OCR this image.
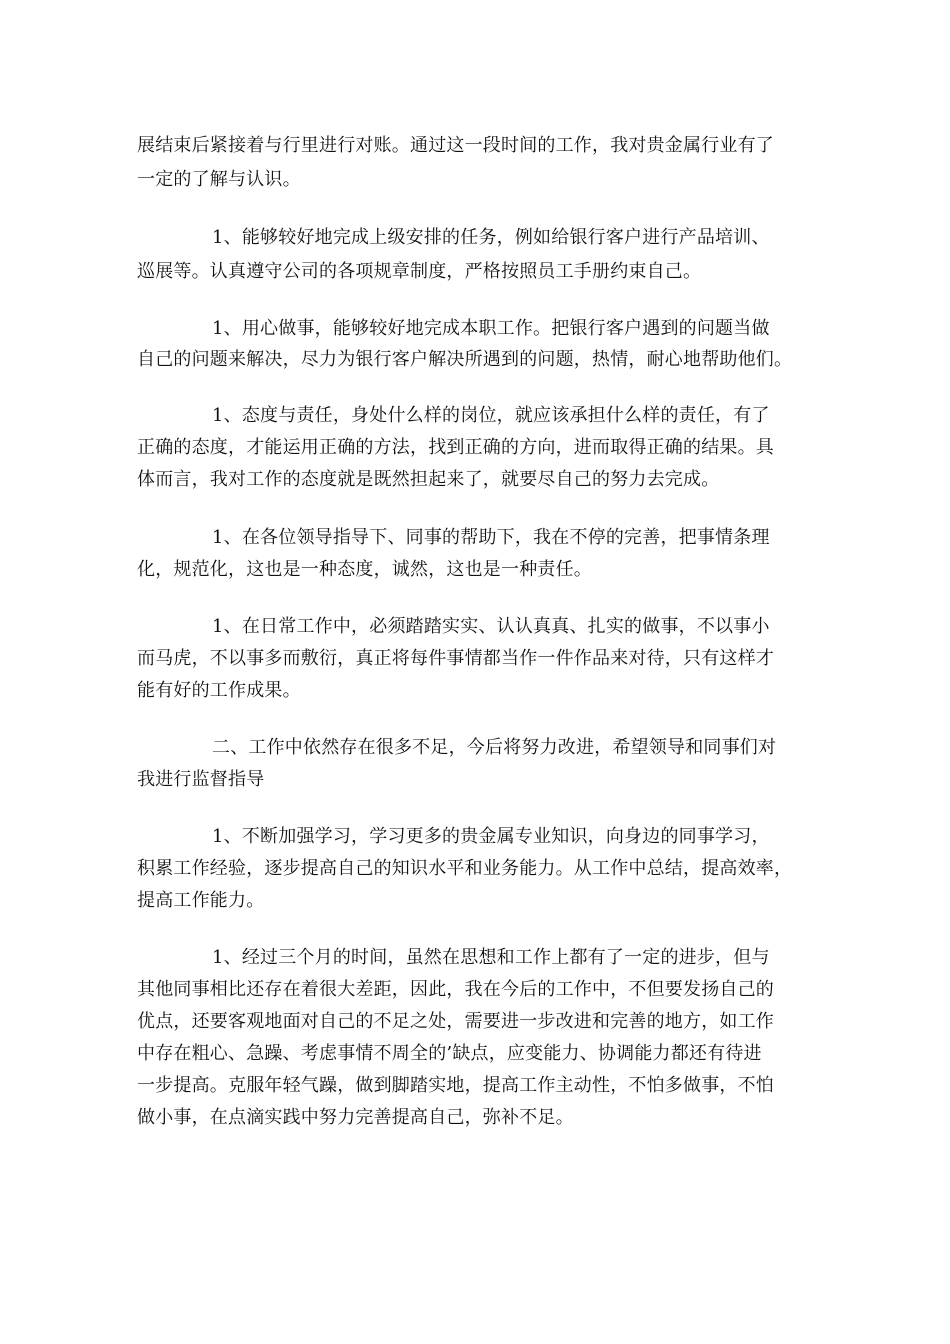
展结束后紧接着与行里进行对账。通过这一段时间的工作，我对贵金属行业有了
一定的了解与认识。
1、能够较好地完成上级安排的任务，例如给银行客户进行产品培训、
巡展等。认真遵守公司的各项规章制度，严格按照员工手册约束自己。
1、用心做事，能够较好地完成本职工作。把银行客户遇到的问题当做
自己的问题来解决，尽力为银行客户解决所遇到的问题，热情，耐心地帮助他们。
1、态度与责任，身处什么样的岗位，就应该承担什么样的责任，有了
正确的态度，才能运用正确的方法，找到正确的方向，进而取得正确的结果。具
体而言，我对工作的态度就是既然担起来了，就要尽自己的努力去完成。
1、在各位领导指导下、同事的帮助下，我在不停的完善，把事情条理
化，规范化，这也是一种态度，诚然，这也是一种责任。
1、在日常工作中，必须踏踏实实、认认真真、扎实的做事，不以事小
而马虎，不以事多而敷衍，真正将每件事情都当作一件作品来对待，只有这样才
能有好的工作成果。
二、工作中依然存在很多不足，今后将努力改进，希望领导和同事们对
我进行监督指导
1、不断加强学习，学习更多的贵金属专业知识，向身边的同事学习，
积累工作经验，逐步提高自己的知识水平和业务能力。从工作中总结，提高效率，
提高工作能力。
1、经过三个月的时间，虽然在思想和工作上都有了一定的进步，但与
其他同事相比还存在着很大差距，因此，我在今后的工作中，不但要发扬自己的
优点，还要客观地面对自己的不足之处，需要进一步改进和完善的地方，如工作
中存在粗心、急躁、考虑事情不周全的’缺点，应变能力、协调能力都还有待进
一步提高。克服年轻气躁，做到脚踏实地，提高工作主动性，不怕多做事，不怕
做小事，在点滴实践中努力完善提高自己，弥补不足。
